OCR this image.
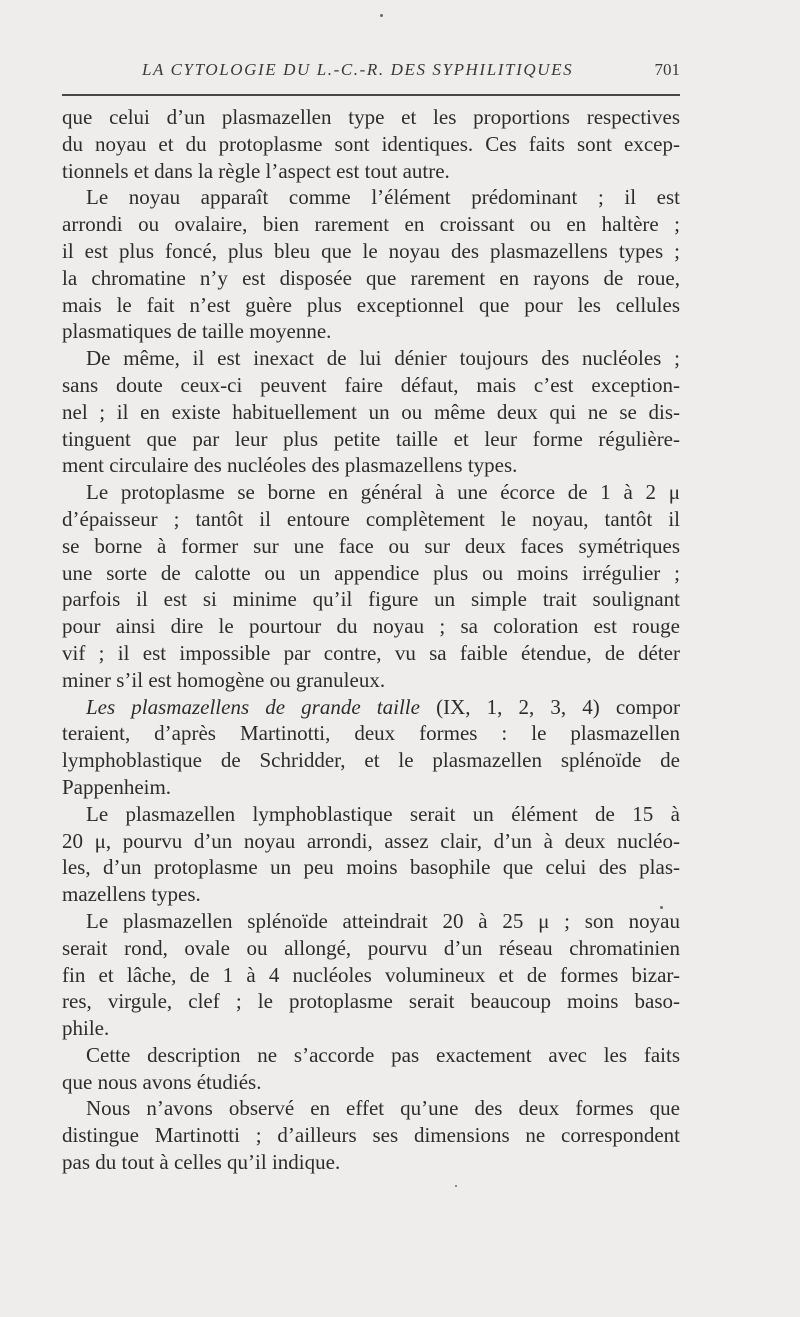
LA CYTOLOGIE DU L.-C.-R. DES SYPHILITIQUES	701
que celui d’un plasmazellen type et les proportions respectives
du noyau et du protoplasme sont identiques. Ces faits sont excep-
tionnels et dans la règle l’aspect est tout autre.
Le noyau apparaît comme l’élément prédominant ; il est
arrondi ou ovalaire, bien rarement en croissant ou en haltère ;
il est plus foncé, plus bleu que le noyau des plasmazellens types ;
la chromatine n’y est disposée que rarement en rayons de roue,
mais le fait n’est guère plus exceptionnel que pour les cellules
plasmatiques de taille moyenne.
De même, il est inexact de lui dénier toujours des nucléoles ;
sans doute ceux-ci peuvent faire défaut, mais c’est exception-
nel ; il en existe habituellement un ou même deux qui ne se dis-
tinguent que par leur plus petite taille et leur forme régulière-
ment circulaire des nucléoles des plasmazellens types.
Le protoplasme se borne en général à une écorce de 1 à 2 μ
d’épaisseur ; tantôt il entoure complètement le noyau, tantôt il
se borne à former sur une face ou sur deux faces symétriques
une sorte de calotte ou un appendice plus ou moins irrégulier ;
parfois il est si minime qu’il figure un simple trait soulignant
pour ainsi dire le pourtour du noyau ; sa coloration est rouge
vif ; il est impossible par contre, vu sa faible étendue, de déter
miner s’il est homogène ou granuleux.
Les plasmazellens de grande taille (IX, 1, 2, 3, 4) compor
teraient, d’après Martinotti, deux formes : le plasmazellen
lymphoblastique de Schridder, et le plasmazellen splénoïde de
Pappenheim.
Le plasmazellen lymphoblastique serait un élément de 15 à
20 μ, pourvu d’un noyau arrondi, assez clair, d’un à deux nucléo-
les, d’un protoplasme un peu moins basophile que celui des plas-
mazellens types.
Le plasmazellen splénoïde atteindrait 20 à 25 μ ; son noyau
serait rond, ovale ou allongé, pourvu d’un réseau chromatinien
fin et lâche, de 1 à 4 nucléoles volumineux et de formes bizar-
res, virgule, clef ; le protoplasme serait beaucoup moins baso-
phile.
Cette description ne s’accorde pas exactement avec les faits
que nous avons étudiés.
Nous n’avons observé en effet qu’une des deux formes que
distingue Martinotti ; d’ailleurs ses dimensions ne correspondent
pas du tout à celles qu’il indique.
